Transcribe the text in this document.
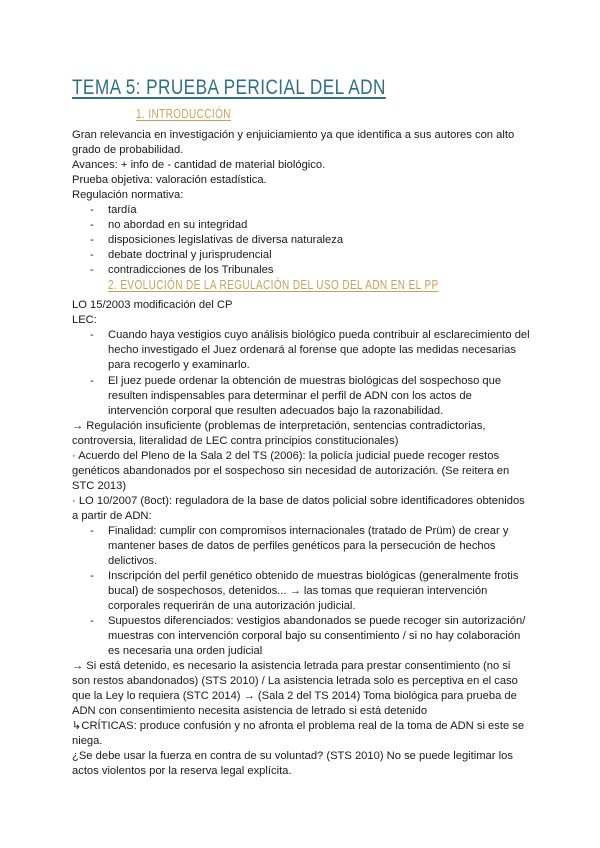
TEMA 5: PRUEBA PERICIAL DEL ADN
1. INTRODUCCIÓN
Gran relevancia en investigación y enjuiciamiento ya que identifica a sus autores con alto
grado de probabilidad.
Avances: + info de - cantidad de material biológico.
Prueba objetiva: valoración estadística.
Regulación normativa:
- tardía
- no abordad en su integridad
- disposiciones legislativas de diversa naturaleza
- debate doctrinal y jurisprudencial
- contradicciones de los Tribunales
2. EVOLUCIÓN DE LA REGULACIÓN DEL USO DEL ADN EN EL PP
LO 15/2003 modificación del CP
LEC:
- Cuando haya vestigios cuyo análisis biológico pueda contribuir al esclarecimiento del
hecho investigado el Juez ordenará al forense que adopte las medidas necesarias
para recogerlo y examinarlo.
- El juez puede ordenar la obtención de muestras biológicas del sospechoso que
resulten indispensables para determinar el perfil de ADN con los actos de
intervención corporal que resulten adecuados bajo la razonabilidad.
→ Regulación insuficiente (problemas de interpretación, sentencias contradictorias,
controversia, literalidad de LEC contra principios constitucionales)
· Acuerdo del Pleno de la Sala 2 del TS (2006): la policía judicial puede recoger restos
genéticos abandonados por el sospechoso sin necesidad de autorización. (Se reitera en
STC 2013)
· LO 10/2007 (8oct): reguladora de la base de datos policial sobre identificadores obtenidos
a partir de ADN:
- Finalidad: cumplir con compromisos internacionales (tratado de Prüm) de crear y
mantener bases de datos de perfiles genéticos para la persecución de hechos
delictivos.
- Inscripción del perfil genético obtenido de muestras biológicas (generalmente frotis
bucal) de sospechosos, detenidos... → las tomas que requieran intervención
corporales requerirán de una autorización judicial.
- Supuestos diferenciados: vestigios abandonados se puede recoger sin autorización/
muestras con intervención corporal bajo su consentimiento / si no hay colaboración
es necesaria una orden judicial
→ Si está detenido, es necesario la asistencia letrada para prestar consentimiento (no si
son restos abandonados) (STS 2010) / La asistencia letrada solo es perceptiva en el caso
que la Ley lo requiera (STC 2014) → (Sala 2 del TS 2014) Toma biológica para prueba de
ADN con consentimiento necesita asistencia de letrado si está detenido
↳CRÍTICAS: produce confusión y no afronta el problema real de la toma de ADN si este se
niega.
¿Se debe usar la fuerza en contra de su voluntad? (STS 2010) No se puede legitimar los
actos violentos por la reserva legal explícita.
